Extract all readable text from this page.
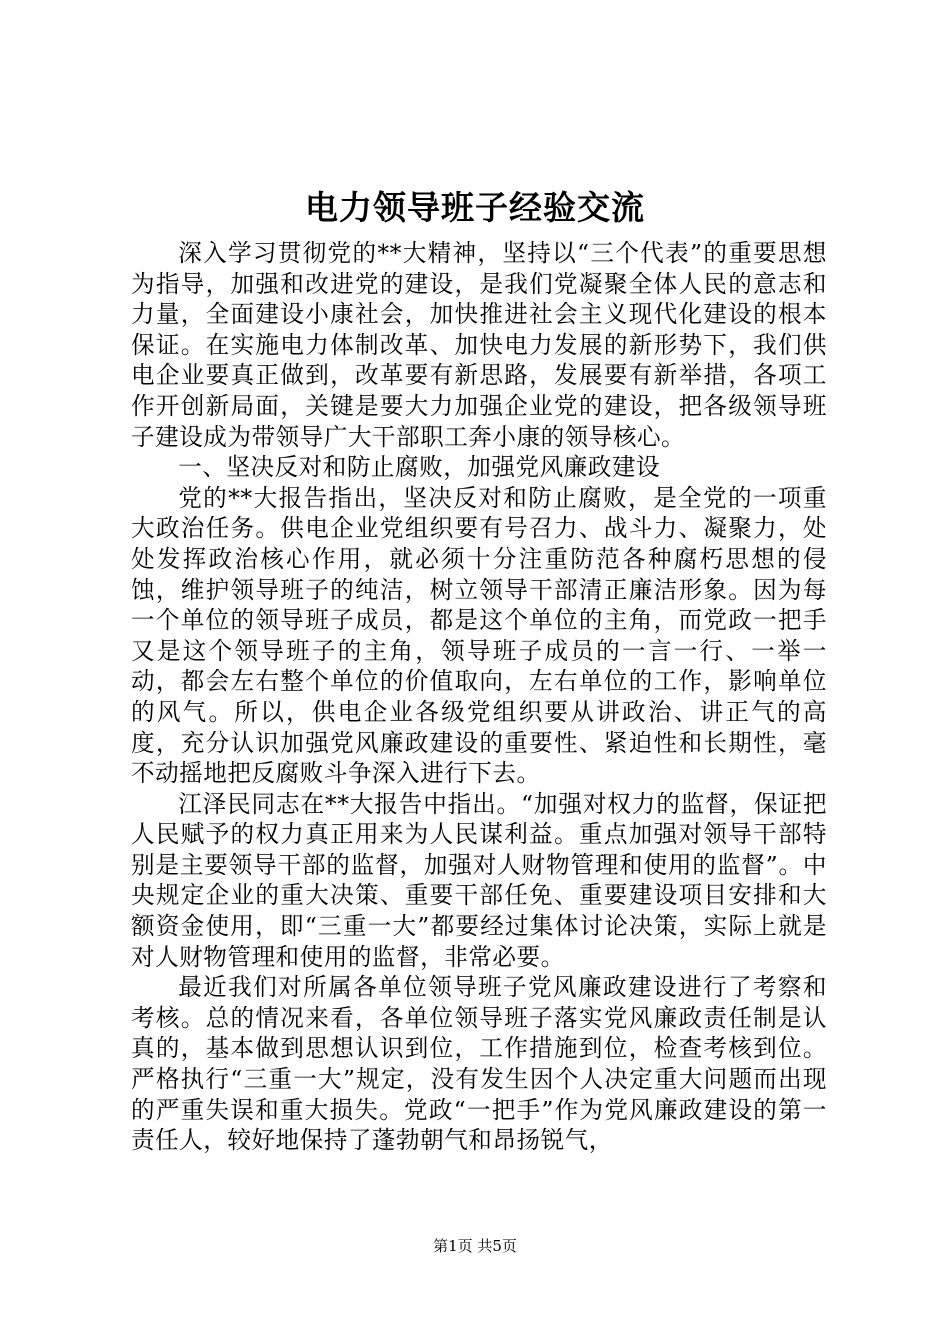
电力领导班子经验交流

深入学习贯彻党的**大精神，坚持以“三个代表”的重要思想为指导，加强和改进党的建设，是我们党凝聚全体人民的意志和力量，全面建设小康社会，加快推进社会主义现代化建设的根本保证。在实施电力体制改革、加快电力发展的新形势下，我们供电企业要真正做到，改革要有新思路，发展要有新举措，各项工作开创新局面，关键是要大力加强企业党的建设，把各级领导班子建设成为带领导广大干部职工奔小康的领导核心。

一、坚决反对和防止腐败，加强党风廉政建设

党的**大报告指出，坚决反对和防止腐败，是全党的一项重大政治任务。供电企业党组织要有号召力、战斗力、凝聚力，处处发挥政治核心作用，就必须十分注重防范各种腐朽思想的侵蚀，维护领导班子的纯洁，树立领导干部清正廉洁形象。因为每一个单位的领导班子成员，都是这个单位的主角，而党政一把手又是这个领导班子的主角，领导班子成员的一言一行、一举一动，都会左右整个单位的价值取向，左右单位的工作，影响单位的风气。所以，供电企业各级党组织要从讲政治、讲正气的高度，充分认识加强党风廉政建设的重要性、紧迫性和长期性，毫不动摇地把反腐败斗争深入进行下去。

江泽民同志在**大报告中指出。“加强对权力的监督，保证把人民赋予的权力真正用来为人民谋利益。重点加强对领导干部特别是主要领导干部的监督，加强对人财物管理和使用的监督”。中央规定企业的重大决策、重要干部任免、重要建设项目安排和大额资金使用，即“三重一大”都要经过集体讨论决策，实际上就是对人财物管理和使用的监督，非常必要。

最近我们对所属各单位领导班子党风廉政建设进行了考察和考核。总的情况来看，各单位领导班子落实党风廉政责任制是认真的，基本做到思想认识到位，工作措施到位，检查考核到位。严格执行“三重一大”规定，没有发生因个人决定重大问题而出现的严重失误和重大损失。党政“一把手”作为党风廉政建设的第一责任人，较好地保持了蓬勃朝气和昂扬锐气，

第1页 共5页
